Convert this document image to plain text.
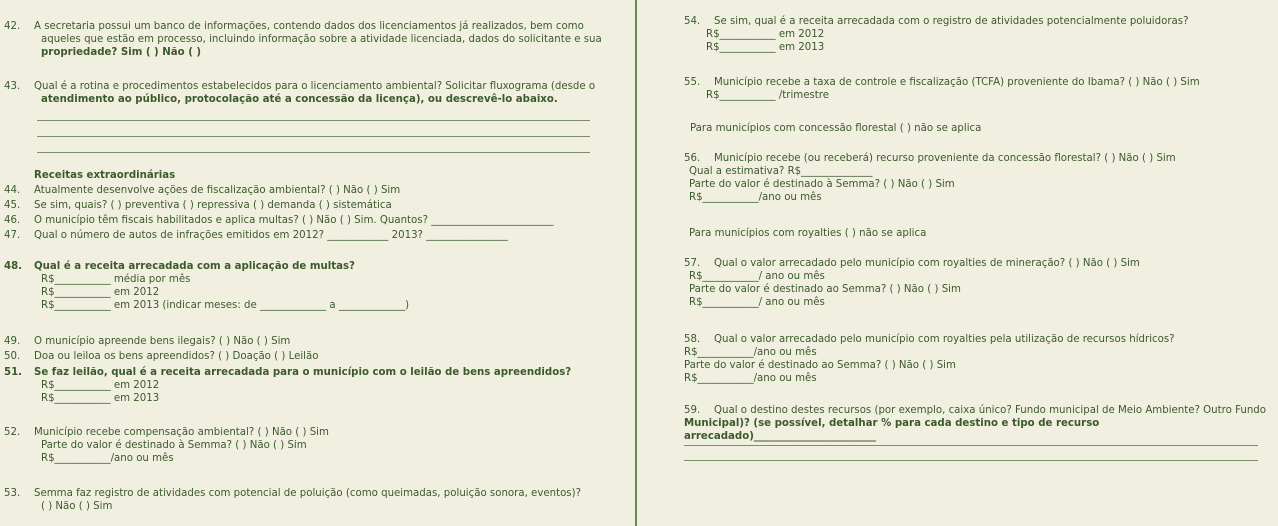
42. A secretaria possui um banco de informações, contendo dados dos licenciamentos já realizados, bem como
aqueles que estão em processo, incluindo informação sobre a atividade licenciada, dados do solicitante e sua
propriedade? Sim ( ) Não ( )
43. Qual é a rotina e procedimentos estabelecidos para o licenciamento ambiental? Solicitar fluxograma (desde o
atendimento ao público, protocolação até a concessão da licença), ou descrevê-lo abaixo.
Receitas extraordinárias
44. Atualmente desenvolve ações de fiscalização ambiental? ( ) Não ( ) Sim
45. Se sim, quais? ( ) preventiva ( ) repressiva ( ) demanda ( ) sistemática
46. O município têm fiscais habilitados e aplica multas? ( ) Não ( ) Sim. Quantos? ________________________
47. Qual o número de autos de infrações emitidos em 2012? ____________ 2013? ________________
48. Qual é a receita arrecadada com a aplicação de multas?
R$___________ média por mês
R$___________ em 2012
R$___________ em 2013 (indicar meses: de _____________ a _____________)
49. O município apreende bens ilegais? ( ) Não ( ) Sim
50. Doa ou leiloa os bens apreendidos? ( ) Doação ( ) Leilão
51. Se faz leilão, qual é a receita arrecadada para o município com o leilão de bens apreendidos?
R$___________ em 2012
R$___________ em 2013
52. Município recebe compensação ambiental? ( ) Não ( ) Sim
Parte do valor é destinado à Semma? ( ) Não ( ) Sim
R$___________/ano ou mês
53. Semma faz registro de atividades com potencial de poluição (como queimadas, poluição sonora, eventos)?
( ) Não ( ) Sim
54. Se sim, qual é a receita arrecadada com o registro de atividades potencialmente poluidoras?
R$___________ em 2012
R$___________ em 2013
55. Município recebe a taxa de controle e fiscalização (TCFA) proveniente do Ibama? ( ) Não ( ) Sim
R$___________ /trimestre
Para municípios com concessão florestal ( ) não se aplica
56. Município recebe (ou receberá) recurso proveniente da concessão florestal? ( ) Não ( ) Sim
Qual a estimativa? R$______________
Parte do valor é destinado à Semma? ( ) Não ( ) Sim
R$___________/ano ou mês
Para municípios com royalties ( ) não se aplica
57. Qual o valor arrecadado pelo município com royalties de mineração? ( ) Não ( ) Sim
R$___________/ ano ou mês
Parte do valor é destinado ao Semma? ( ) Não ( ) Sim
R$___________/ ano ou mês
58. Qual o valor arrecadado pelo município com royalties pela utilização de recursos hídricos?
R$___________/ano ou mês
Parte do valor é destinado ao Semma? ( ) Não ( ) Sim
R$___________/ano ou mês
59. Qual o destino destes recursos (por exemplo, caixa único? Fundo municipal de Meio Ambiente? Outro Fundo
Municipal)? (se possível, detalhar % para cada destino e tipo de recurso arrecadado)________________________
